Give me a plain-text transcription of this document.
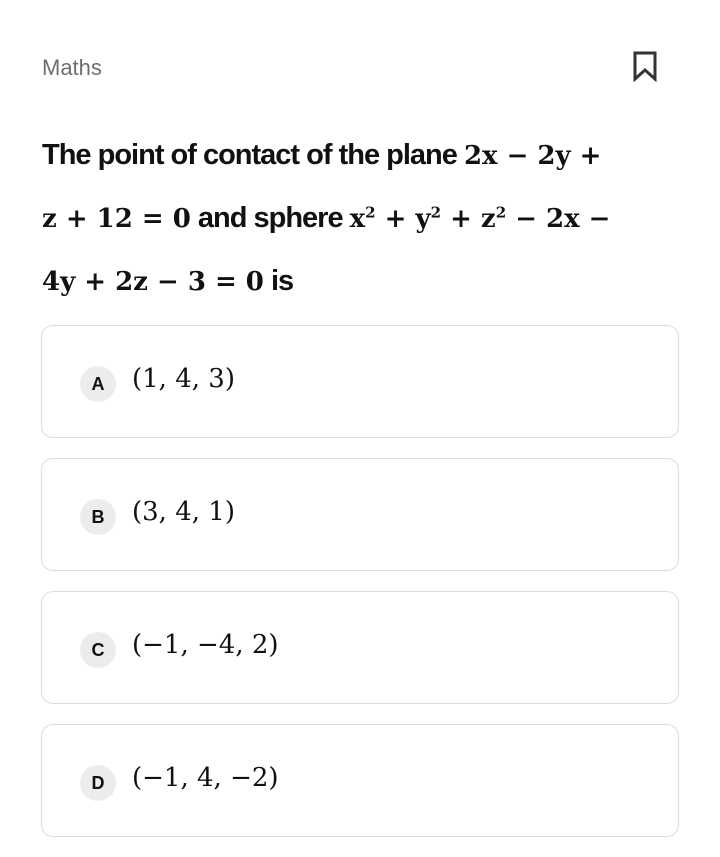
Maths
The point of contact of the plane 2x − 2y +
z + 12 = 0 and sphere $x^2 + y^2 + z^2 - 2x$ −
4y + 2z − 3 = 0 is
A	(1, 4, 3)
B	(3, 4, 1)
C	(−1, −4, 2)
D	(−1, 4, −2)
